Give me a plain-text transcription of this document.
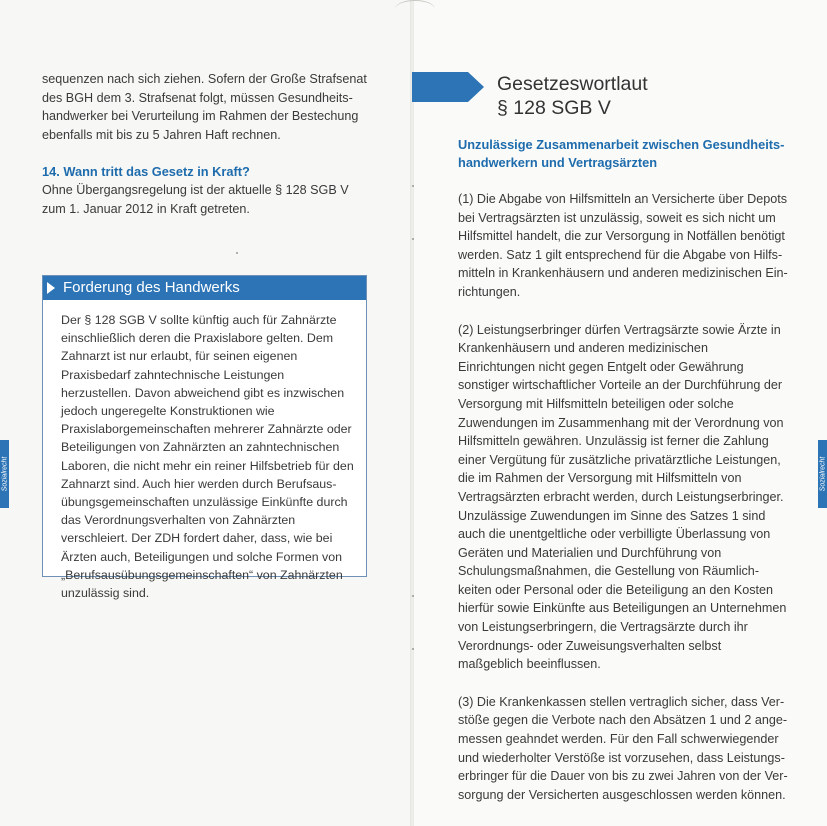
sequenzen nach sich ziehen. Sofern der Große Strafsenat des BGH dem 3. Strafsenat folgt, müssen Gesundheitshandwerker bei Verurteilung im Rahmen der Bestechung ebenfalls mit bis zu 5 Jahren Haft rechnen.
14. Wann tritt das Gesetz in Kraft?

Ohne Übergangsregelung ist der aktuelle § 128 SGB V zum 1. Januar 2012 in Kraft getreten.

Forderung des Handwerks
Der § 128 SGB V sollte künftig auch für Zahnärzte einschließlich deren die Praxislabore gelten. Dem Zahnarzt ist nur erlaubt, für seinen eigenen Praxisbedarf zahntechnische Leistungen herzustellen. Davon abweichend gibt es inzwischen jedoch ungeregelte Konstruktionen wie Praxislaborgemeinschaften mehrerer Zahnärzte oder Beteiligungen von Zahnärzten an zahntechnischen Laboren, die nicht mehr ein reiner Hilfsbetrieb für den Zahnarzt sind. Auch hier werden durch Berufsausübungsgemeinschaften unzulässige Einkünfte durch das Verordnungsverhalten von Zahnärzten verschleiert. Der ZDH fordert daher, dass, wie bei Ärzten auch, Beteiligungen und solche Formen von „Berufsausübungsgemeinschaften“ von Zahnärzten unzulässig sind.
Sozialrecht	Sozialrecht
Gesetzeswortlaut
§ 128 SGB V
Unzulässige Zusammenarbeit zwischen Gesundheitshandwerkern und Vertragsärzten

(1) Die Abgabe von Hilfsmitteln an Versicherte über Depots bei Vertragsärzten ist unzulässig, soweit es sich nicht um Hilfsmittel handelt, die zur Versorgung in Notfällen benötigt werden. Satz 1 gilt entsprechend für die Abgabe von Hilfsmitteln in Krankenhäusern und anderen medizinischen Einrichtungen.

(2) Leistungserbringer dürfen Vertragsärzte sowie Ärzte in Krankenhäusern und anderen medizinischen Einrichtungen nicht gegen Entgelt oder Gewährung sonstiger wirtschaftlicher Vorteile an der Durchführung der Versorgung mit Hilfsmitteln beteiligen oder solche Zuwendungen im Zusammenhang mit der Verordnung von Hilfsmitteln gewähren. Unzulässig ist ferner die Zahlung einer Vergütung für zusätzliche privatärztliche Leistungen, die im Rahmen der Versorgung mit Hilfsmitteln von Vertragsärzten erbracht werden, durch Leistungserbringer. Unzulässige Zuwendungen im Sinne des Satzes 1 sind auch die unentgeltliche oder verbilligte Überlassung von Geräten und Materialien und Durchführung von Schulungsmaßnahmen, die Gestellung von Räumlichkeiten oder Personal oder die Beteiligung an den Kosten hierfür sowie Einkünfte aus Beteiligungen an Unternehmen von Leistungserbringern, die Vertragsärzte durch ihr Verordnungs- oder Zuweisungsverhalten selbst maßgeblich beeinflussen.

(3) Die Krankenkassen stellen vertraglich sicher, dass Verstöße gegen die Verbote nach den Absätzen 1 und 2 angemessen geahndet werden. Für den Fall schwerwiegender und wiederholter Verstöße ist vorzusehen, dass Leistungserbringer für die Dauer von bis zu zwei Jahren von der Versorgung der Versicherten ausgeschlossen werden können.
